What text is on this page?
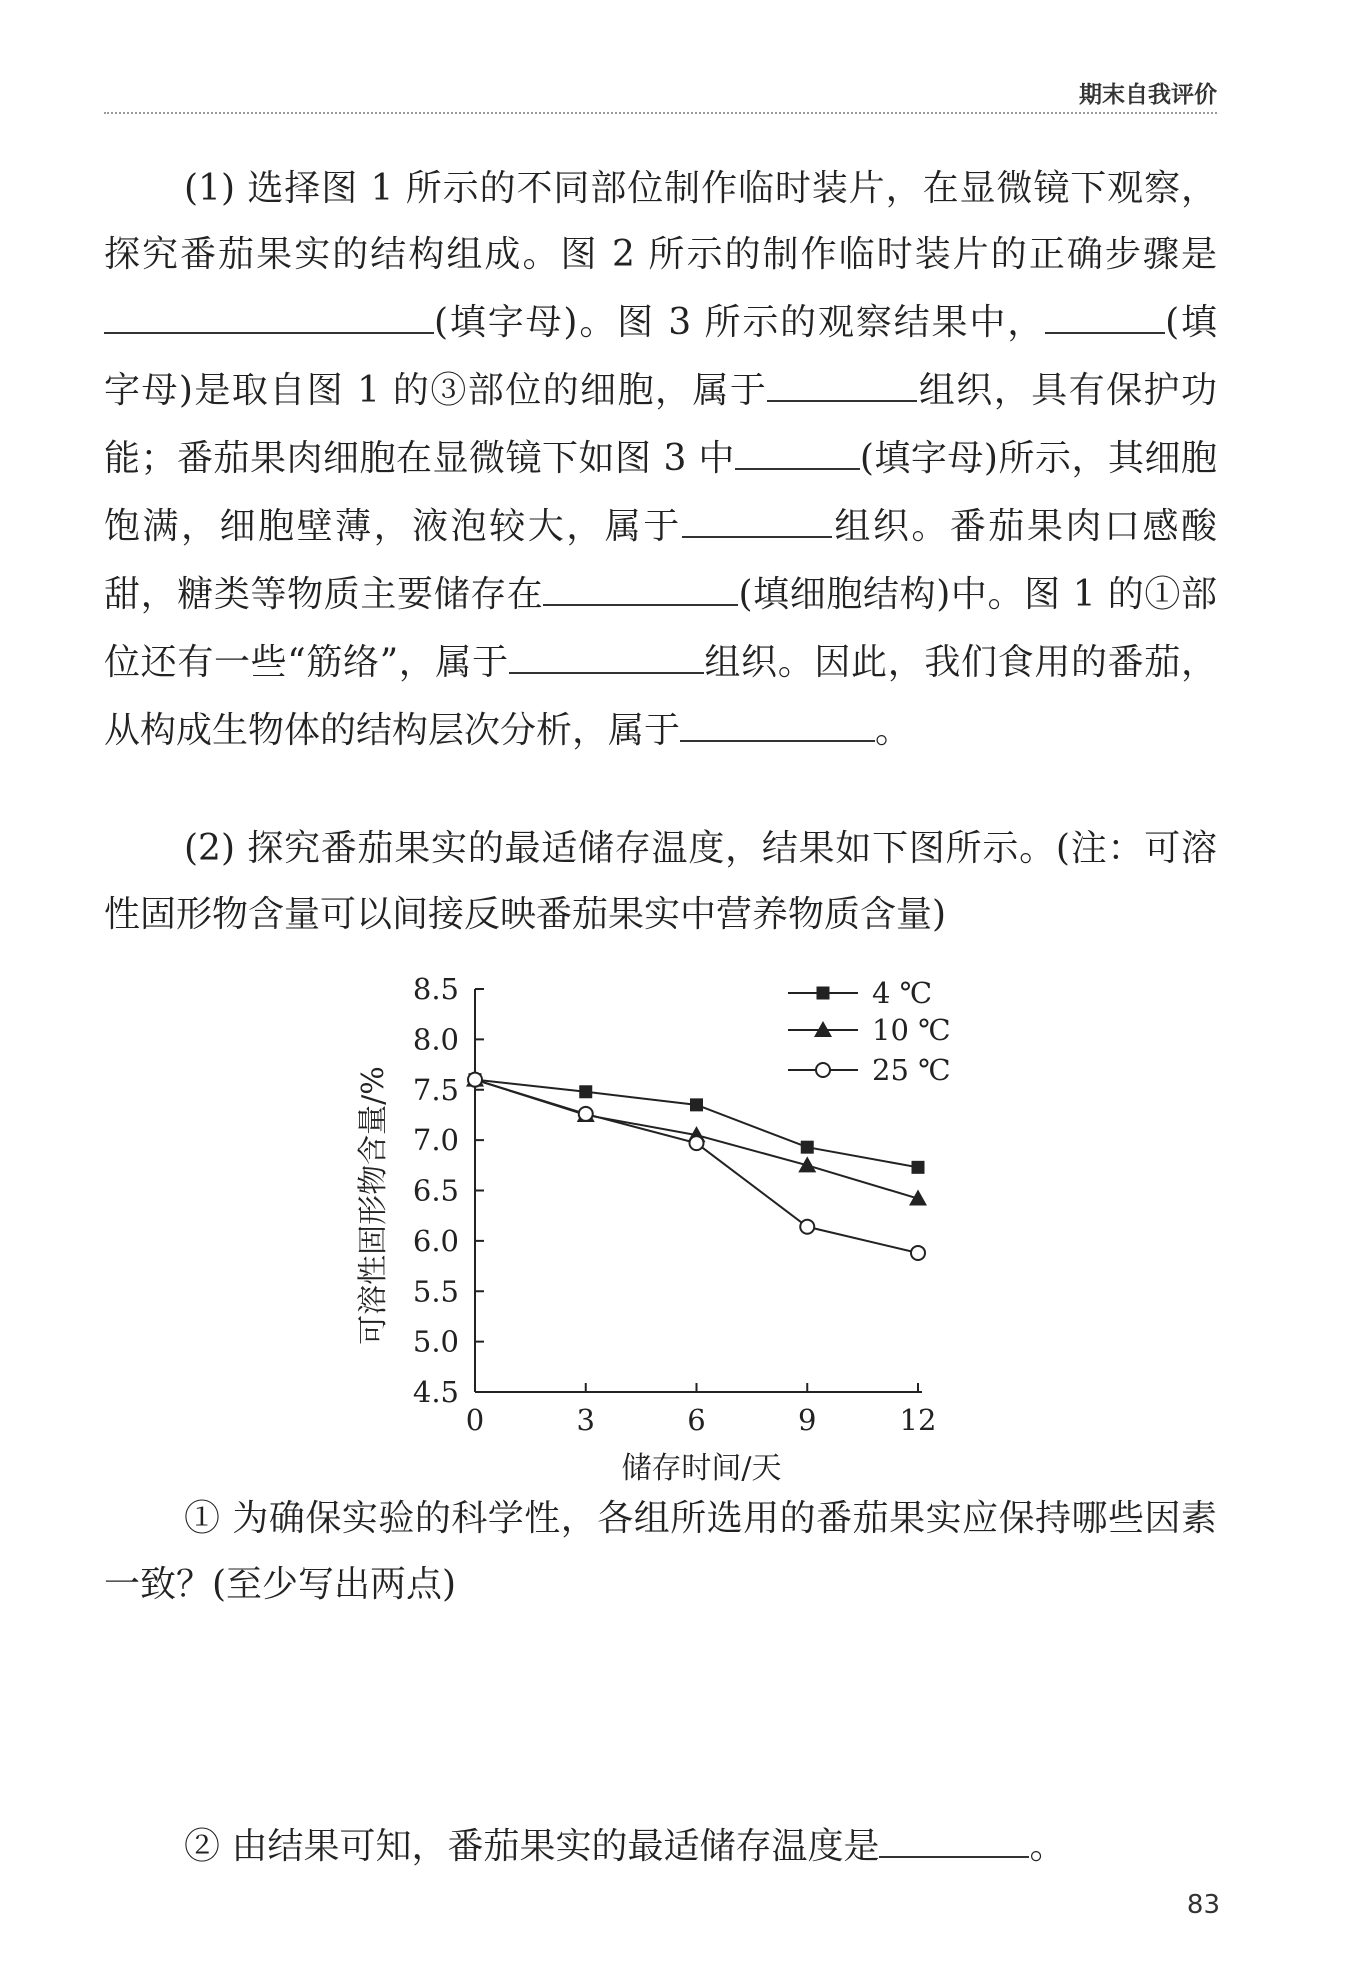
期末自我评价
(1) 选择图 1 所示的不同部位制作临时装片，在显微镜下观察，探究番茄果实的结构组成。图 2 所示的制作临时装片的正确步骤是(填字母)。图 3 所示的观察结果中，	(填字母)是取自图 1 的③部位的细胞，属于	组织，具有保护功能；番茄果肉细胞在显微镜下如图 3 中	(填字母)所示，其细胞饱满，细胞壁薄，液泡较大，属于	组织。番茄果肉口感酸甜，糖类等物质主要储存在	(填细胞结构)中。图 1 的①部位还有一些“筋络”，属于	组织。因此，我们食用的番茄，从构成生物体的结构层次分析，属于	。
(2) 探究番茄果实的最适储存温度，结果如下图所示。(注：可溶性固形物含量可以间接反映番茄果实中营养物质含量)
4.5
5.0
5.5
6.0
6.5
7.0
7.5
8.0
8.5
0	3	6	9	12
储存时间/天
可溶性固形物含量/%
4 ℃
10 ℃
25 ℃
① 为确保实验的科学性，各组所选用的番茄果实应保持哪些因素一致？(至少写出两点)
② 由结果可知，番茄果实的最适储存温度是	。
83
